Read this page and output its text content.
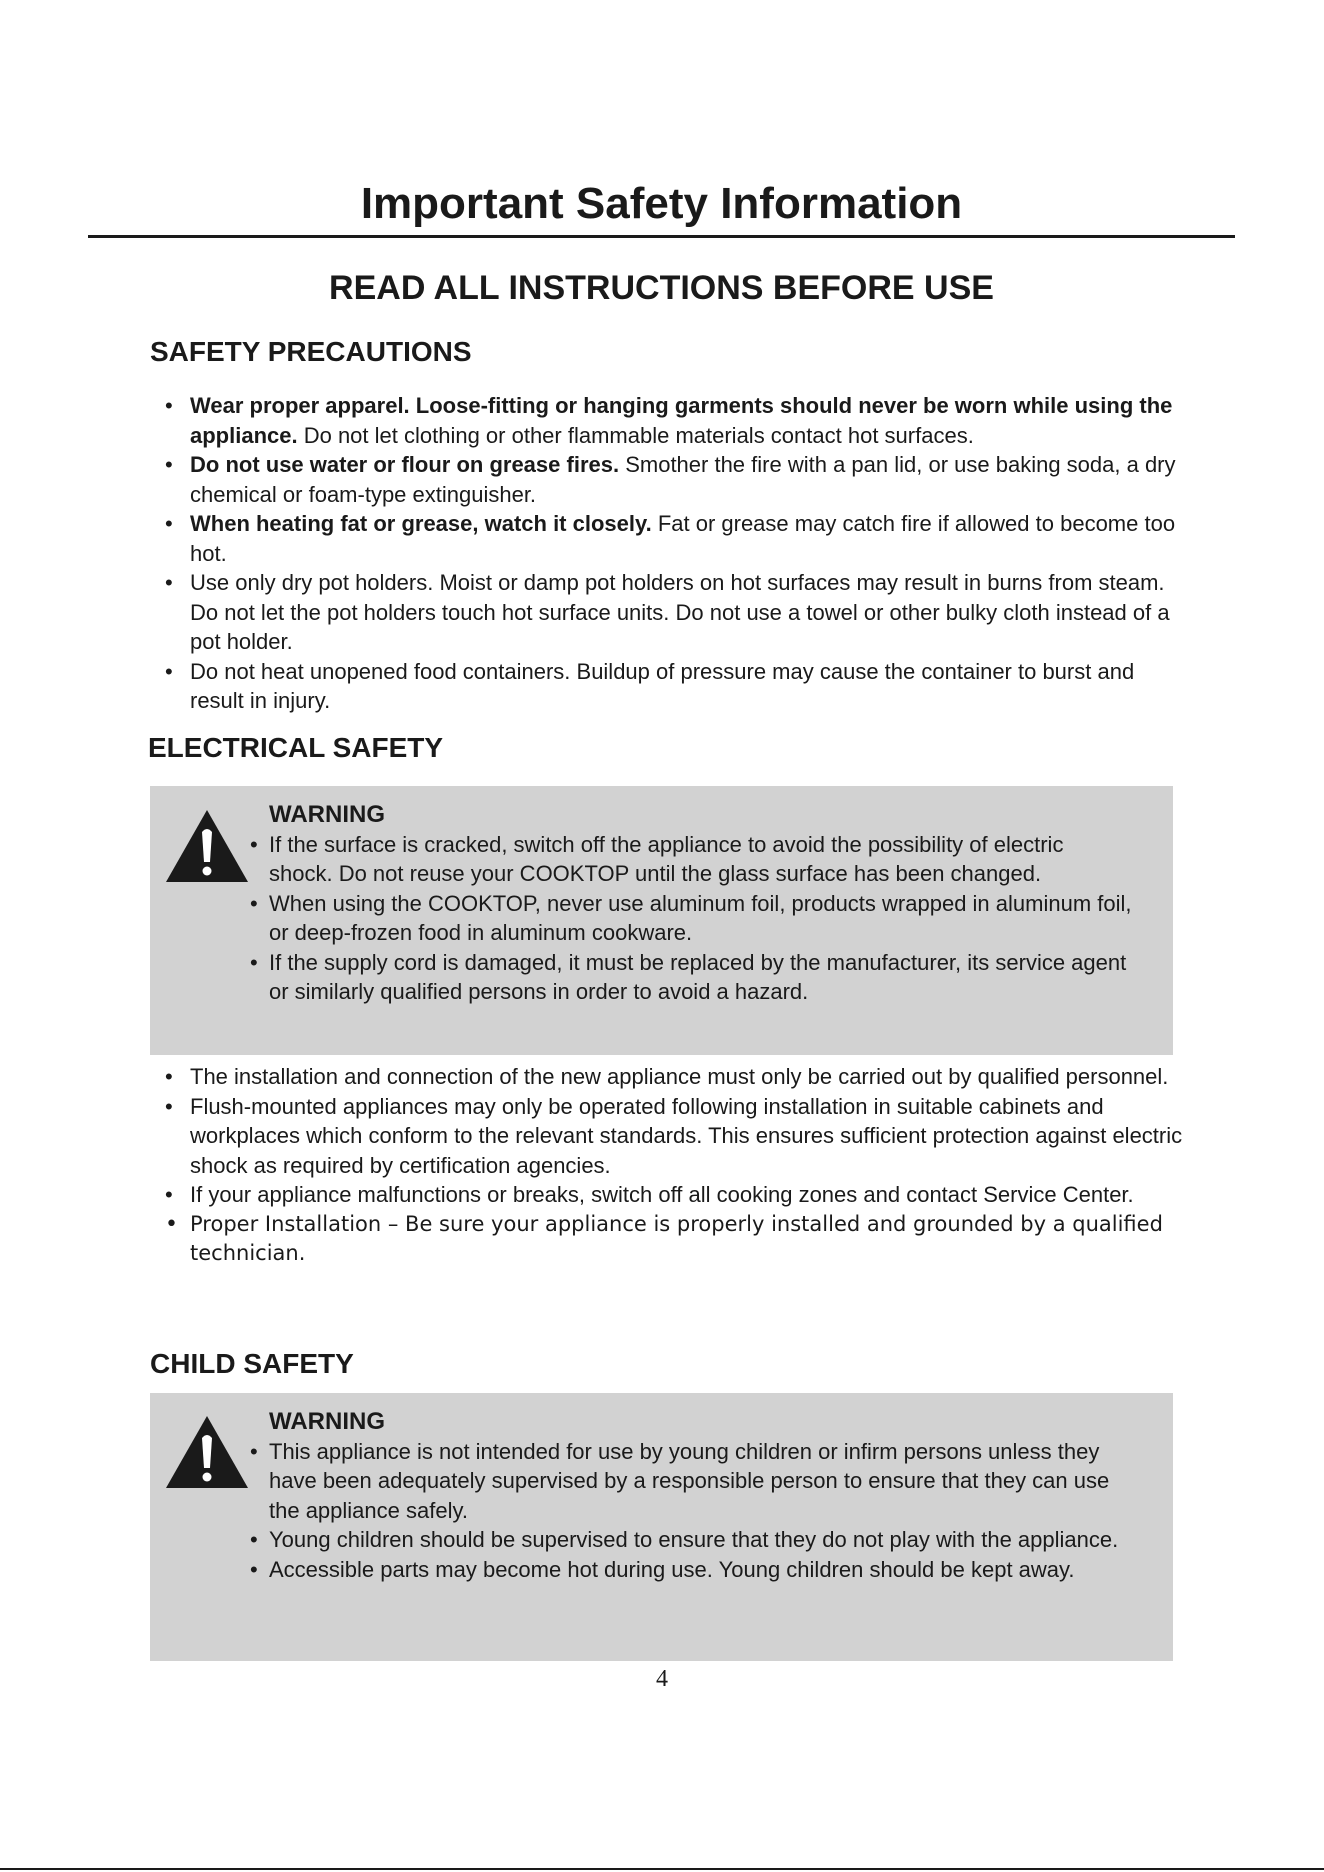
Important Safety Information
READ ALL INSTRUCTIONS BEFORE USE
SAFETY PRECAUTIONS
• Wear proper apparel. Loose-fitting or hanging garments should never be worn while using the appliance. Do not let clothing or other flammable materials contact hot surfaces.
• Do not use water or flour on grease fires. Smother the fire with a pan lid, or use baking soda, a dry chemical or foam-type extinguisher.
• When heating fat or grease, watch it closely. Fat or grease may catch fire if allowed to become too hot.
• Use only dry pot holders. Moist or damp pot holders on hot surfaces may result in burns from steam. Do not let the pot holders touch hot surface units. Do not use a towel or other bulky cloth instead of a pot holder.
• Do not heat unopened food containers. Buildup of pressure may cause the container to burst and result in injury.
ELECTRICAL SAFETY
WARNING
• If the surface is cracked, switch off the appliance to avoid the possibility of electric shock. Do not reuse your COOKTOP until the glass surface has been changed.
• When using the COOKTOP, never use aluminum foil, products wrapped in aluminum foil, or deep-frozen food in aluminum cookware.
• If the supply cord is damaged, it must be replaced by the manufacturer, its service agent or similarly qualified persons in order to avoid a hazard.
• The installation and connection of the new appliance must only be carried out by qualified personnel.
• Flush-mounted appliances may only be operated following installation in suitable cabinets and workplaces which conform to the relevant standards. This ensures sufficient protection against electric shock as required by certification agencies.
• If your appliance malfunctions or breaks, switch off all cooking zones and contact Service Center.
• Proper Installation – Be sure your appliance is properly installed and grounded by a qualified technician.
CHILD SAFETY
WARNING
• This appliance is not intended for use by young children or infirm persons unless they have been adequately supervised by a responsible person to ensure that they can use the appliance safely.
• Young children should be supervised to ensure that they do not play with the appliance.
• Accessible parts may become hot during use. Young children should be kept away.
4
